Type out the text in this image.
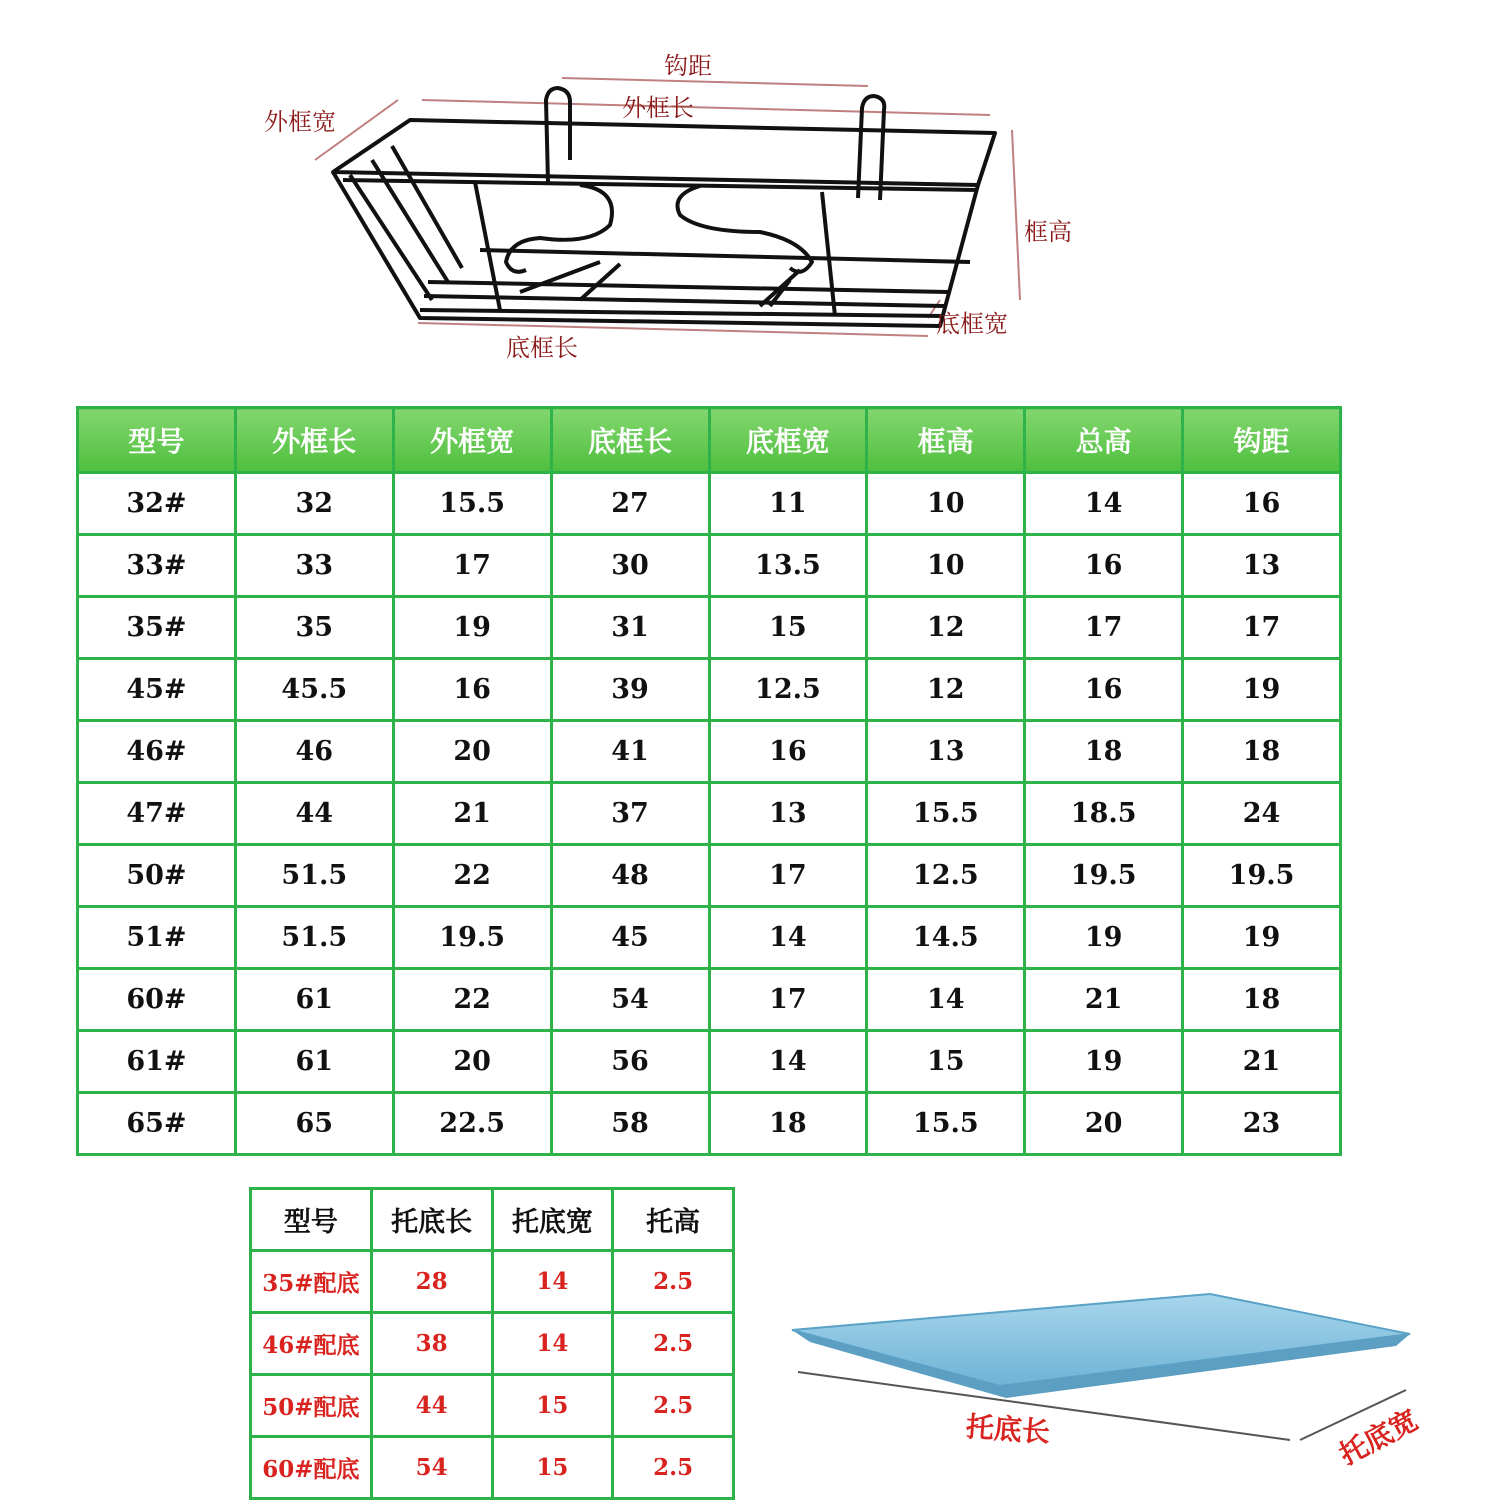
钩距
外框长
外框宽
框高
底框长
底框宽
型号	外框长	外框宽	底框长	底框宽	框高	总高	钩距
32#	32	15.5	27	11	10	14	16
33#	33	17	30	13.5	10	16	13
35#	35	19	31	15	12	17	17
45#	45.5	16	39	12.5	12	16	19
46#	46	20	41	16	13	18	18
47#	44	21	37	13	15.5	18.5	24
50#	51.5	22	48	17	12.5	19.5	19.5
51#	51.5	19.5	45	14	14.5	19	19
60#	61	22	54	17	14	21	18
61#	61	20	56	14	15	19	21
65#	65	22.5	58	18	15.5	20	23
型号	托底长	托底宽	托高
35#配底	28	14	2.5
46#配底	38	14	2.5
50#配底	44	15	2.5
60#配底	54	15	2.5
托底长	托底宽
